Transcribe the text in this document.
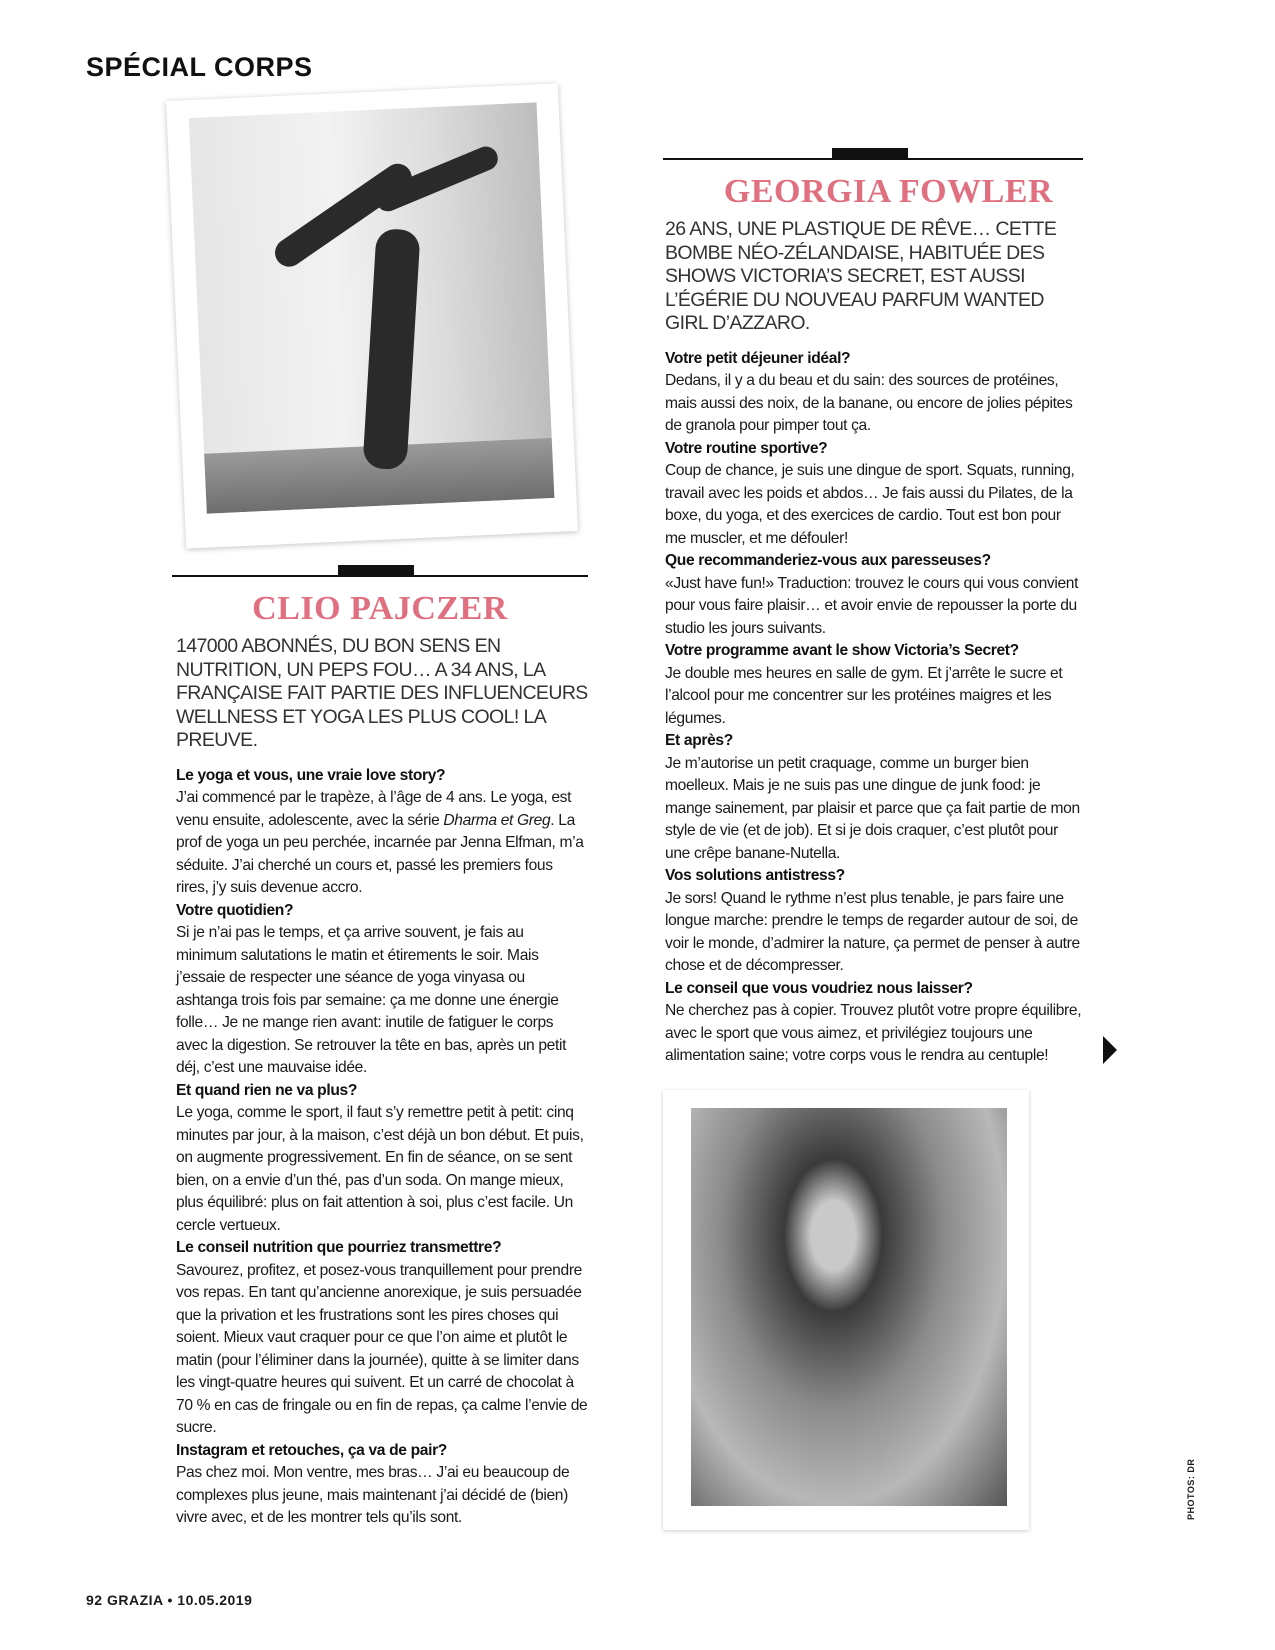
SPÉCIAL CORPS
CLIO PAJCZER
147000 ABONNÉS, DU BON SENS EN NUTRITION, UN PEPS FOU… A 34 ANS, LA FRANÇAISE FAIT PARTIE DES INFLUENCEURS WELLNESS ET YOGA LES PLUS COOL! LA PREUVE.
Le yoga et vous, une vraie love story?
J’ai commencé par le trapèze, à l’âge de 4 ans. Le yoga, est venu ensuite, adolescente, avec la série Dharma et Greg. La prof de yoga un peu perchée, incarnée par Jenna Elfman, m’a séduite. J’ai cherché un cours et, passé les premiers fous rires, j’y suis devenue accro.
Votre quotidien?
Si je n’ai pas le temps, et ça arrive souvent, je fais au minimum salutations le matin et étirements le soir. Mais j’essaie de respecter une séance de yoga vinyasa ou ashtanga trois fois par semaine: ça me donne une énergie folle… Je ne mange rien avant: inutile de fatiguer le corps avec la digestion. Se retrouver la tête en bas, après un petit déj, c’est une mauvaise idée.
Et quand rien ne va plus?
Le yoga, comme le sport, il faut s’y remettre petit à petit: cinq minutes par jour, à la maison, c’est déjà un bon début. Et puis, on augmente progressivement. En fin de séance, on se sent bien, on a envie d’un thé, pas d’un soda. On mange mieux, plus équilibré: plus on fait attention à soi, plus c’est facile. Un cercle vertueux.
Le conseil nutrition que pourriez transmettre?
Savourez, profitez, et posez-vous tranquillement pour prendre vos repas. En tant qu’ancienne anorexique, je suis persuadée que la privation et les frustrations sont les pires choses qui soient. Mieux vaut craquer pour ce que l’on aime et plutôt le matin (pour l’éliminer dans la journée), quitte à se limiter dans les vingt-quatre heures qui suivent. Et un carré de chocolat à 70 % en cas de fringale ou en fin de repas, ça calme l’envie de sucre.
Instagram et retouches, ça va de pair?
Pas chez moi. Mon ventre, mes bras… J’ai eu beaucoup de complexes plus jeune, mais maintenant j’ai décidé de (bien) vivre avec, et de les montrer tels qu’ils sont.
GEORGIA FOWLER
26 ANS, UNE PLASTIQUE DE RÊVE… CETTE BOMBE NÉO-ZÉLANDAISE, HABITUÉE DES SHOWS VICTORIA’S SECRET, EST AUSSI L’ÉGÉRIE DU NOUVEAU PARFUM WANTED GIRL D’AZZARO.
Votre petit déjeuner idéal?
Dedans, il y a du beau et du sain: des sources de protéines, mais aussi des noix, de la banane, ou encore de jolies pépites de granola pour pimper tout ça.
Votre routine sportive?
Coup de chance, je suis une dingue de sport. Squats, running, travail avec les poids et abdos… Je fais aussi du Pilates, de la boxe, du yoga, et des exercices de cardio. Tout est bon pour me muscler, et me défouler!
Que recommanderiez-vous aux paresseuses?
«Just have fun!» Traduction: trouvez le cours qui vous convient pour vous faire plaisir… et avoir envie de repousser la porte du studio les jours suivants.
Votre programme avant le show Victoria’s Secret?
Je double mes heures en salle de gym. Et j’arrête le sucre et l’alcool pour me concentrer sur les protéines maigres et les légumes.
Et après?
Je m’autorise un petit craquage, comme un burger bien moelleux. Mais je ne suis pas une dingue de junk food: je mange sainement, par plaisir et parce que ça fait partie de mon style de vie (et de job). Et si je dois craquer, c’est plutôt pour une crêpe banane-Nutella.
Vos solutions antistress?
Je sors! Quand le rythme n’est plus tenable, je pars faire une longue marche: prendre le temps de regarder autour de soi, de voir le monde, d’admirer la nature, ça permet de penser à autre chose et de décompresser.
Le conseil que vous voudriez nous laisser?
Ne cherchez pas à copier. Trouvez plutôt votre propre équilibre, avec le sport que vous aimez, et privilégiez toujours une alimentation saine; votre corps vous le rendra au centuple!
92 GRAZIA • 10.05.2019
PHOTOS: DR
